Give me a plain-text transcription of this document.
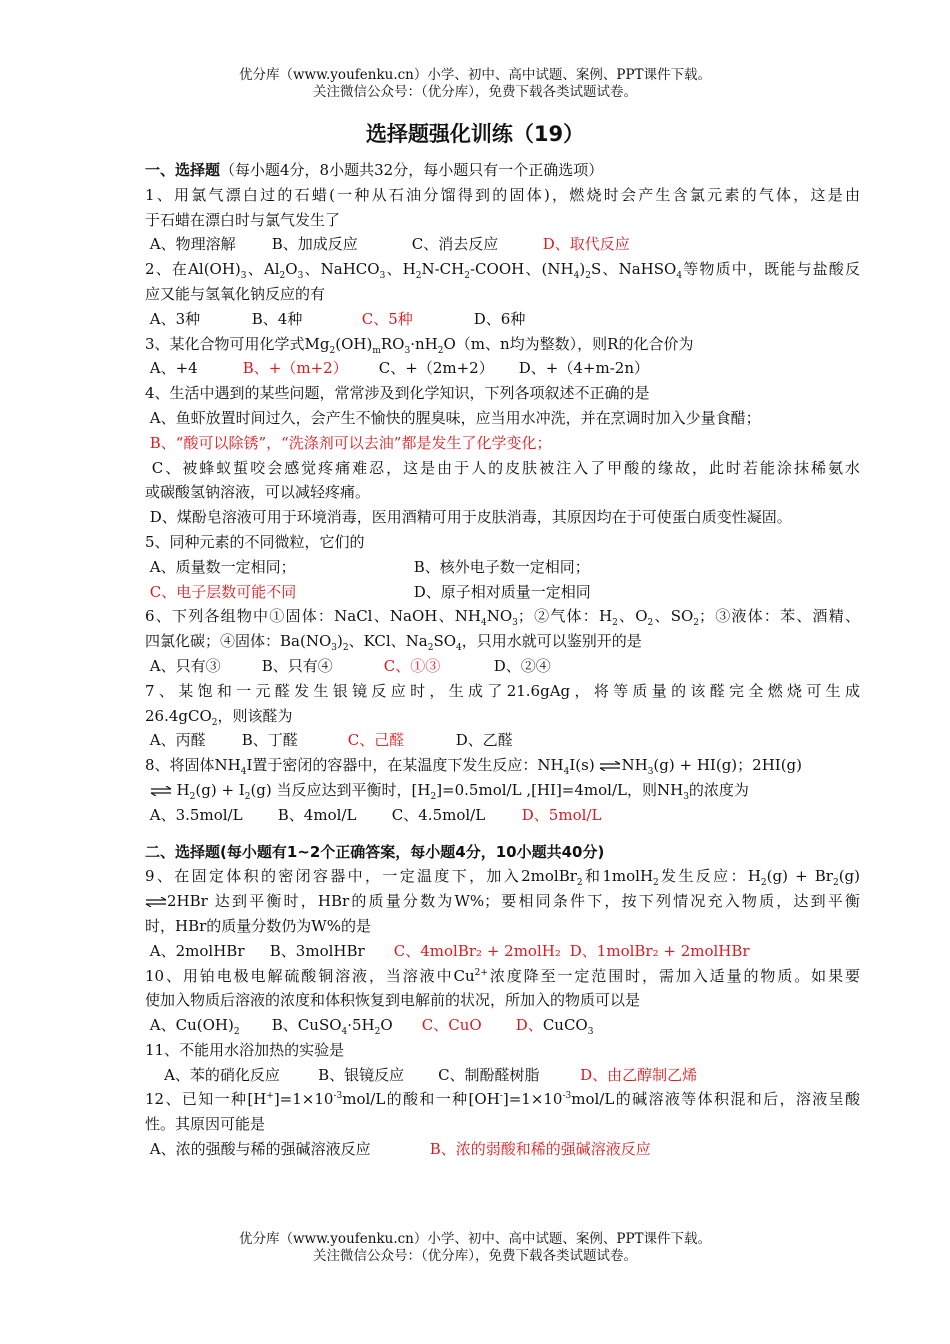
优分库（www.youfenku.cn）小学、初中、高中试题、案例、PPT课件下载。
关注微信公众号：（优分库），免费下载各类试题试卷。
选择题强化训练（19）
一、选择题（每小题4分，8小题共32分，每小题只有一个正确选项）
1、用氯气漂白过的石蜡(一种从石油分馏得到的固体)，燃烧时会产生含氯元素的气体，这是由
于石蜡在漂白时与氯气发生了
A、物理溶解 B、加成反应	C、消去反应	D、取代反应
2、在$Al(OH)_3$、$Al_2O_3$、NaHCO$_3$、$H_2N-CH_2$-COOH、$(NH_4)_2S$、NaHSO$_4$等物质中，既能与盐酸反
应又能与氢氧化钠反应的有
A、3种	B、4种	C、5种	D、6种
3、某化合物可用化学式$Mg_2(OH)_mRO_3\cdot nH_2O(m$、n均为整数），则R的化合价为
A、+4	B、+（m+2） C、+（2m+2） D、+（4+m-2n）
4、生活中遇到的某些问题，常常涉及到化学知识，下列各项叙述不正确的是
A、鱼虾放置时间过久，会产生不愉快的腥臭味，应当用水冲洗，并在烹调时加入少量食醋；
B、“酸可以除锈”，“洗涤剂可以去油”都是发生了化学变化；
C、被蜂蚁蜇咬会感觉疼痛难忍，这是由于人的皮肤被注入了甲酸的缘故，此时若能涂抹稀氨水
或碳酸氢钠溶液，可以减轻疼痛。
D、煤酚皂溶液可用于环境消毒，医用酒精可用于皮肤消毒，其原因均在于可使蛋白质变性凝固。
5、同种元素的不同微粒，它们的
A、质量数一定相同；	B、核外电子数一定相同；
C、电子层数可能不同	D、原子相对质量一定相同
6、下列各组物中①固体：NaCl、NaOH、$NH_4NO_3$；②气体：$H_2$、$O_2$、$SO_2$；③液体：苯、酒精、
四氯化碳；④固体：$Ba(NO_3)_2$、KCl、$Na_2SO_4$，只用水就可以鉴别开的是
A、只有③	B、只有④	C、①③	D、②④
7、某饱和一元醛发生银镜反应时，生成了21.6gAg，将等质量的该醛完全燃烧可生成
26.4gCO$_2$，则该醛为
A、丙醛 B、丁醛	C、己醛	D、乙醛
8、将固体$NH_4I$置于密闭的容器中，在某温度下发生反应：$NH_4I(s)$ $\rightleftharpoons NH_3(g) + HI(g)$；2HI(g)
⇌ $H_2(g) + I_2(g)$ 当反应达到平衡时，$[H_2]=0.5mol/L$ ,[HI]=4mol/L，则$NH_3$的浓度为
A、3.5mol/L B、4mol/L C、4.5mol/L D、5mol/L
二、选择题(每小题有1~2个正确答案，每小题4分，10小题共40分)
9、在固定体积的密闭容器中，一定温度下，加入2molBr$_2$和1molH$_2$发生反应：$H_2(g) + Br_2(g)$
⇌2HBr 达到平衡时，HBr的质量分数为W%；要相同条件下，按下列情况充入物质，达到平衡
时，HBr的质量分数仍为W%的是
A、2molHBr B、3molHBr C、4molBr₂ + 2molH₂ D、1molBr₂ + 2molHBr
10、用铂电极电解硫酸铜溶液，当溶液中$Cu^{2+}$浓度降至一定范围时，需加入适量的物质。如果要
使加入物质后溶液的浓度和体积恢复到电解前的状况，所加入的物质可以是
A、$Cu(OH)_2$ B、$CuSO_4\cdot 5H_2O$ C、CuO D、CuCO$_3$
11、不能用水浴加热的实验是
A、苯的硝化反应	B、银镜反应 C、制酚醛树脂	D、由乙醇制乙烯
12、已知一种$[H^+]=1\times 10^{-3}mol/L$的酸和一种$[OH^-]=1\times 10^{-3}mol/L$的碱溶液等体积混和后，溶液呈酸
性。其原因可能是
A、浓的强酸与稀的强碱溶液反应	B、浓的弱酸和稀的强碱溶液反应
优分库（www.youfenku.cn）小学、初中、高中试题、案例、PPT课件下载。
关注微信公众号：（优分库），免费下载各类试题试卷。
